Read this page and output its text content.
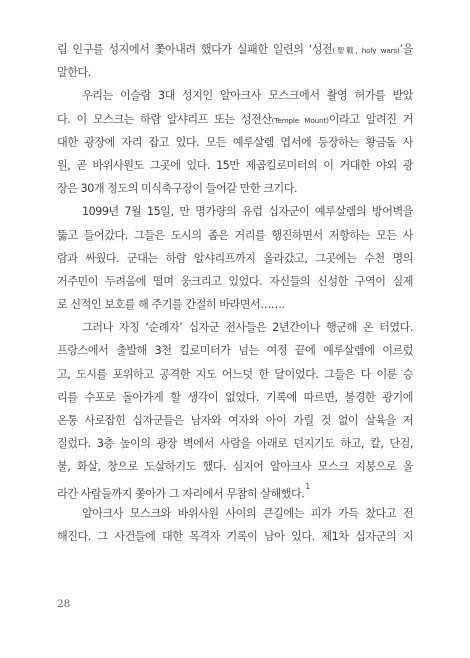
림 인구를 성지에서 쫓아내려 했다가 실패한 일련의 ‘성전(聖戰, holy wars)’을
말한다.
우리는 이슬람 3대 성지인 알아크사 모스크에서 촬영 허가를 받았
다. 이 모스크는 하람 알샤리프 또는 성전산(Temple Mount)이라고 알려진 거
대한 광장에 자리 잡고 있다. 모든 예루살렘 엽서에 등장하는 황금돔 사
원, 곧 바위사원도 그곳에 있다. 15만 제곱킬로미터의 이 거대한 야외 광
장은 30개 정도의 미식축구장이 들어갈 만한 크기다.
1099년 7월 15일, 만 명가량의 유럽 십자군이 예루살렘의 방어벽을
뚫고 들어갔다. 그들은 도시의 좁은 거리를 행진하면서 저항하는 모든 사
람과 싸웠다. 군대는 하람 알샤리프까지 올라갔고, 그곳에는 수천 명의
거주민이 두려움에 떨며 웅크리고 있었다. 자신들의 신성한 구역이 실제
로 신적인 보호를 해 주기를 간절히 바라면서…….
그러나 자칭 ‘순례자’ 십자군 전사들은 2년간이나 행군해 온 터였다.
프랑스에서 출발해 3천 킬로미터가 넘는 여정 끝에 예루살렘에 이르렀
고, 도시를 포위하고 공격한 지도 어느덧 한 달이었다. 그들은 다 이룬 승
리를 수포로 돌아가게 할 생각이 없었다. 기록에 따르면, 불경한 광기에
온통 사로잡힌 십자군들은 남자와 여자와 아이 가릴 것 없이 살육을 저
질렀다. 3층 높이의 광장 벽에서 사람을 아래로 던지기도 하고, 칼, 단검,
불, 화살, 창으로 도살하기도 했다. 심지어 알아크사 모스크 지붕으로 올
라간 사람들까지 쫓아가 그 자리에서 무참히 살해했다.$^1$
알아크사 모스크와 바위사원 사이의 큰길에는 피가 가득 찼다고 전
해진다. 그 사건들에 대한 목격자 기록이 남아 있다. 제1차 십자군의 지
28
